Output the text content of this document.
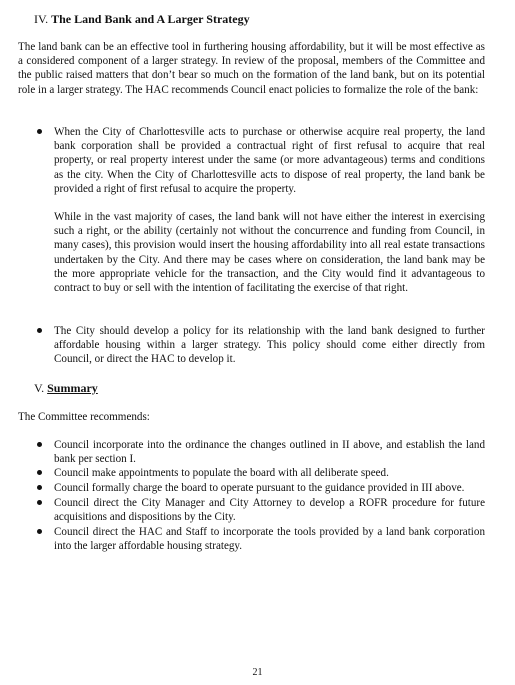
IV. The Land Bank and A Larger Strategy

The land bank can be an effective tool in furthering housing affordability, but it will be most effective as a considered component of a larger strategy. In review of the proposal, members of the Committee and the public raised matters that don’t bear so much on the formation of the land bank, but on its potential role in a larger strategy. The HAC recommends Council enact policies to formalize the role of the bank:

When the City of Charlottesville acts to purchase or otherwise acquire real property, the land bank corporation shall be provided a contractual right of first refusal to acquire that real property, or real property interest under the same (or more advantageous) terms and conditions as the city. When the City of Charlottesville acts to dispose of real property, the land bank be provided a right of first refusal to acquire the property.

While in the vast majority of cases, the land bank will not have either the interest in exercising such a right, or the ability (certainly not without the concurrence and funding from Council, in many cases), this provision would insert the housing affordability into all real estate transactions undertaken by the City. And there may be cases where on consideration, the land bank may be the more appropriate vehicle for the transaction, and the City would find it advantageous to contract to buy or sell with the intention of facilitating the exercise of that right.

The City should develop a policy for its relationship with the land bank designed to further affordable housing within a larger strategy. This policy should come either directly from Council, or direct the HAC to develop it.

V. Summary

The Committee recommends:

Council incorporate into the ordinance the changes outlined in II above, and establish the land bank per section I.

Council make appointments to populate the board with all deliberate speed.

Council formally charge the board to operate pursuant to the guidance provided in III above.

Council direct the City Manager and City Attorney to develop a ROFR procedure for future acquisitions and dispositions by the City.

Council direct the HAC and Staff to incorporate the tools provided by a land bank corporation into the larger affordable housing strategy.

21
